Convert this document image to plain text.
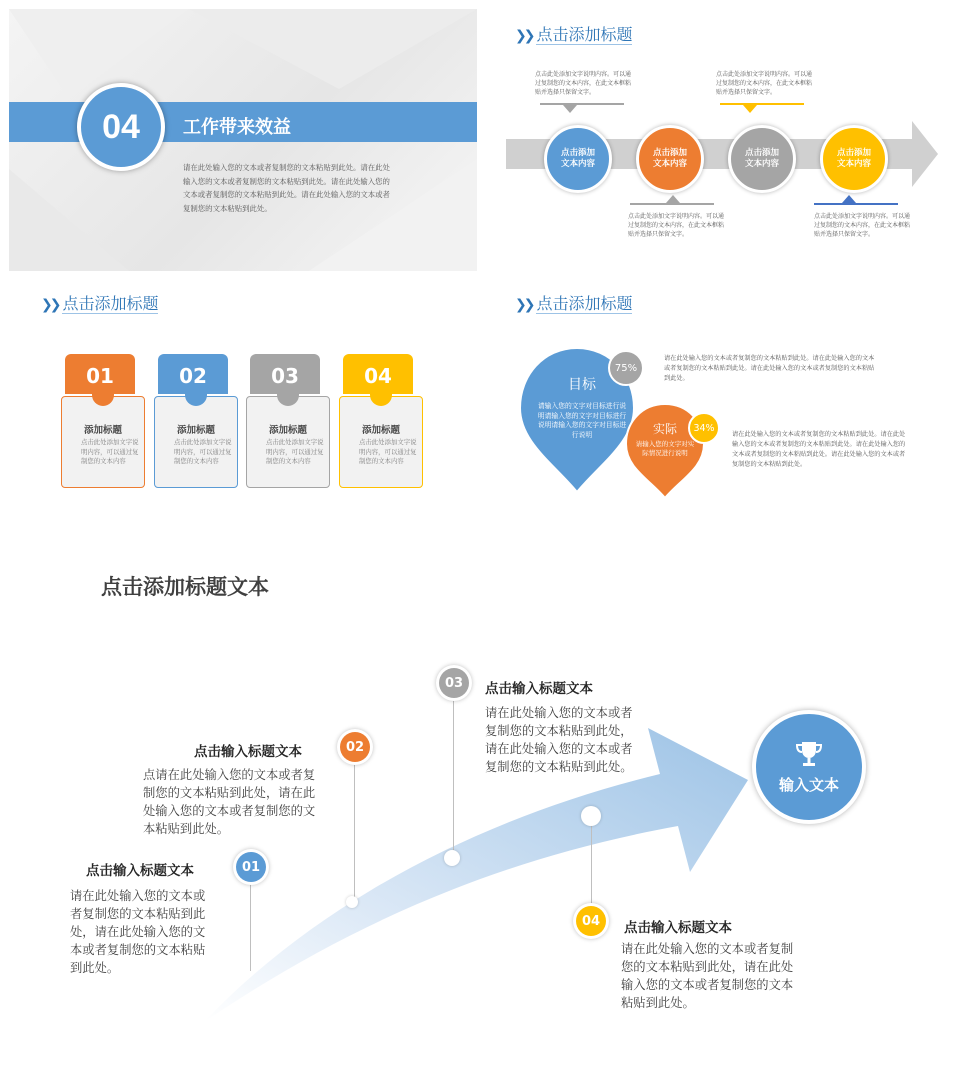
04 工作带来效益
请在此处输入您的文本或者复制您的文本粘贴到此处。请在此处输入您的文本或者复制您的文本粘贴到此处。请在此处输入您的文本或者复制您的文本粘贴到此处。请在此处输入您的文本或者复制您的文本粘贴到此处。
❯❯ 点击添加标题
点击此处添加文字说明内容。可以通过复制您的文本内容，在此文本框粘贴并选择只保留文字。
点击此处添加文字说明内容。可以通过复制您的文本内容，在此文本框粘贴并选择只保留文字。
点击添加
文本内容
点击添加
文本内容
点击添加
文本内容
点击添加
文本内容
点击此处添加文字说明内容。可以通过复制您的文本内容，在此文本框粘贴并选择只保留文字。
点击此处添加文字说明内容。可以通过复制您的文本内容，在此文本框粘贴并选择只保留文字。
❯❯ 点击添加标题
01
添加标题
点击此处添加文字说明内容，可以通过复制您的文本内容
02
添加标题
点击此处添加文字说明内容，可以通过复制您的文本内容
03
添加标题
点击此处添加文字说明内容，可以通过复制您的文本内容
04
添加标题
点击此处添加文字说明内容，可以通过复制您的文本内容
❯❯ 点击添加标题
目标
请输入您的文字对目标进行说明请输入您的文字对目标进行说明请输入您的文字对目标进行说明
75%
实际
请输入您的文字对实际情况进行说明
34%
请在此处输入您的文本或者复制您的文本粘贴到此处。请在此处输入您的文本或者复制您的文本粘贴到此处。请在此处输入您的文本或者复制您的文本粘贴到此处。
请在此处输入您的文本或者复制您的文本粘贴到此处。请在此处输入您的文本或者复制您的文本粘贴到此处。请在此处输入您的文本或者复制您的文本粘贴到此处。请在此处输入您的文本或者复制您的文本粘贴到此处。
点击添加标题文本
01
点击输入标题文本
请在此处输入您的文本或者复制您的文本粘贴到此处，请在此处输入您的文本或者复制您的文本粘贴到此处。
02
点击输入标题文本
点请在此处输入您的文本或者复制您的文本粘贴到此处，请在此处输入您的文本或者复制您的文本粘贴到此处。
03	点击输入标题文本
请在此处输入您的文本或者复制您的文本粘贴到此处，请在此处输入您的文本或者复制您的文本粘贴到此处。
04	点击输入标题文本
请在此处输入您的文本或者复制您的文本粘贴到此处，请在此处输入您的文本或者复制您的文本粘贴到此处。
输入文本
